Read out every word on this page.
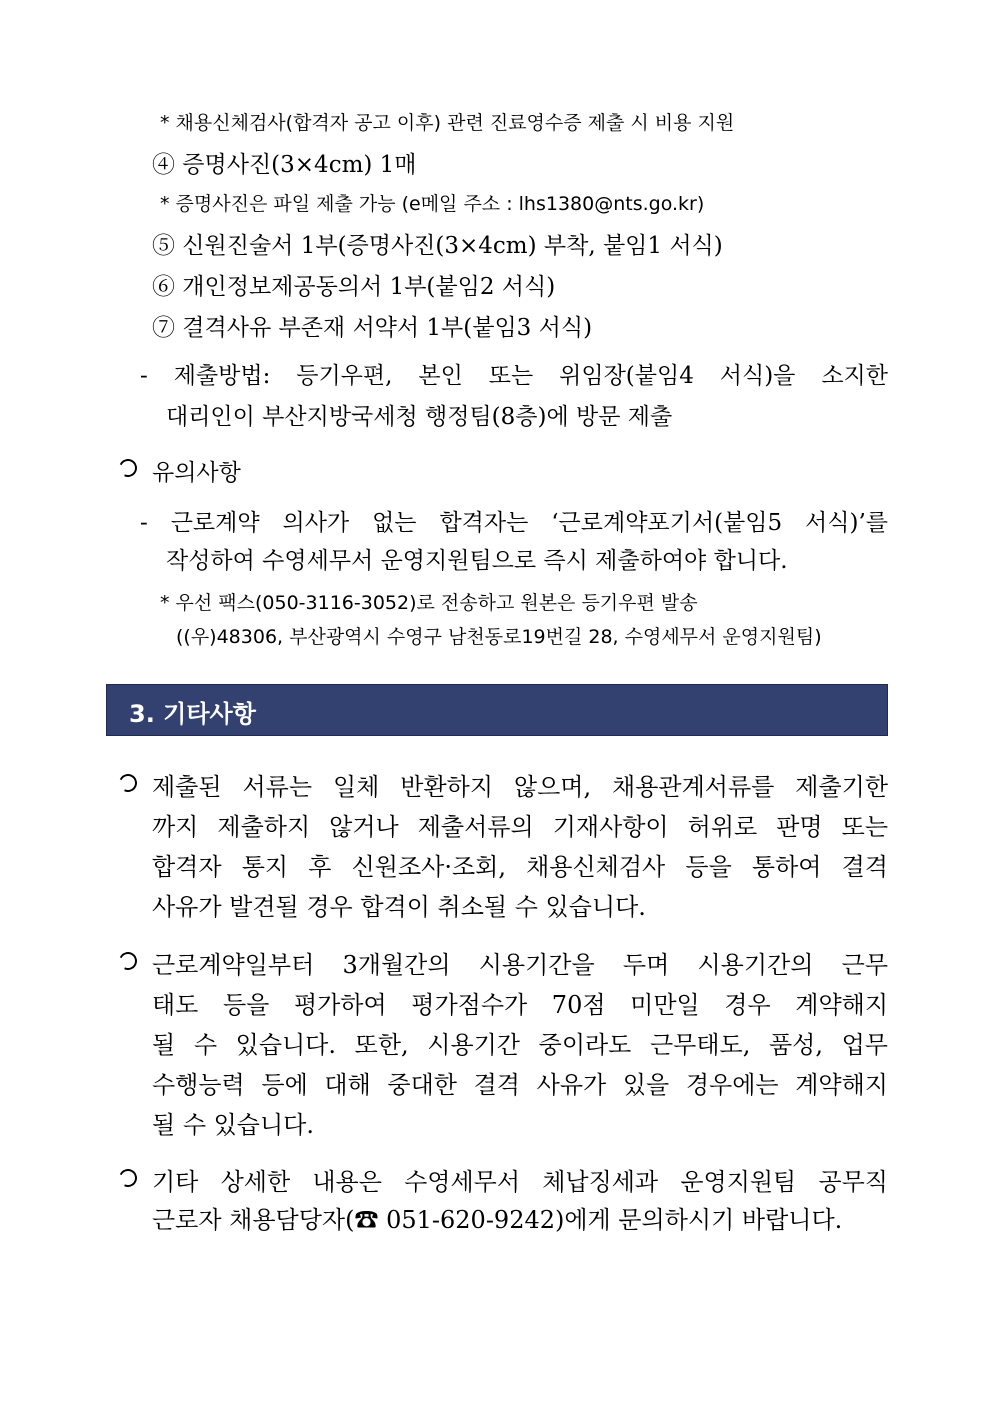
* 채용신체검사(합격자 공고 이후) 관련 진료영수증 제출 시 비용 지원
④ 증명사진(3×4cm) 1매
* 증명사진은 파일 제출 가능 (e메일 주소 : lhs1380@nts.go.kr)
⑤ 신원진술서 1부(증명사진(3×4cm) 부착, 붙임1 서식)
⑥ 개인정보제공동의서 1부(붙임2 서식)
⑦ 결격사유 부존재 서약서 1부(붙임3 서식)
- 제출방법: 등기우편, 본인 또는 위임장(붙임4 서식)을 소지한
대리인이 부산지방국세청 행정팀(8층)에 방문 제출
유의사항
- 근로계약 의사가 없는 합격자는 ‘근로계약포기서(붙임5 서식)’를
작성하여 수영세무서 운영지원팀으로 즉시 제출하여야 합니다.
* 우선 팩스(050-3116-3052)로 전송하고 원본은 등기우편 발송
((우)48306, 부산광역시 수영구 남천동로19번길 28, 수영세무서 운영지원팀)
3. 기타사항
제출된 서류는 일체 반환하지 않으며, 채용관계서류를 제출기한
까지 제출하지 않거나 제출서류의 기재사항이 허위로 판명 또는
합격자 통지 후 신원조사·조회, 채용신체검사 등을 통하여 결격
사유가 발견될 경우 합격이 취소될 수 있습니다.
근로계약일부터 3개월간의 시용기간을 두며 시용기간의 근무
태도 등을 평가하여 평가점수가 70점 미만일 경우 계약해지
될 수 있습니다. 또한, 시용기간 중이라도 근무태도, 품성, 업무
수행능력 등에 대해 중대한 결격 사유가 있을 경우에는 계약해지
될 수 있습니다.
기타 상세한 내용은 수영세무서 체납징세과 운영지원팀 공무직
근로자 채용담당자(☎ 051-620-9242)에게 문의하시기 바랍니다.
